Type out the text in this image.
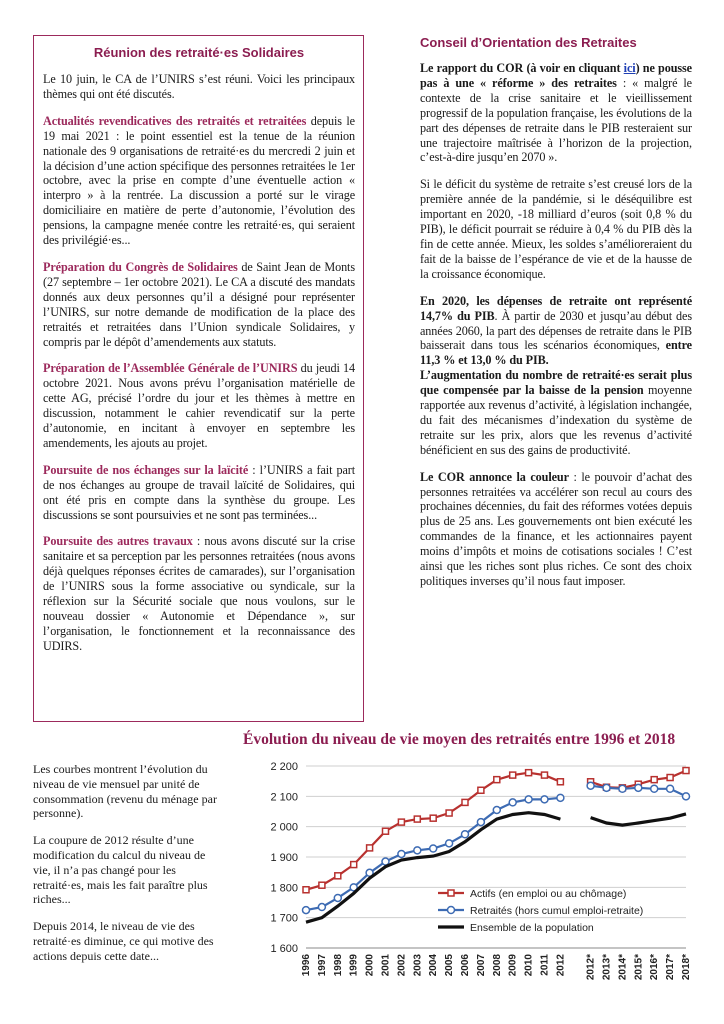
Réunion des retraité·es Solidaires

Le 10 juin, le CA de l’UNIRS s’est réuni. Voici les principaux thèmes qui ont été discutés.

Actualités revendicatives des retraités et retraitées depuis le 19 mai 2021 : le point essentiel est la tenue de la réunion nationale des 9 organisations de retraité·es du mercredi 2 juin et la décision d’une action spécifique des personnes retraitées le 1er octobre, avec la prise en compte d’une éventuelle action « interpro » à la rentrée. La discussion a porté sur le virage domiciliaire en matière de perte d’autonomie, l’évolution des pensions, la campagne menée contre les retraité·es, qui seraient des privilégié·es...

Préparation du Congrès de Solidaires de Saint Jean de Monts (27 septembre – 1er octobre 2021). Le CA a discuté des mandats donnés aux deux personnes qu’il a désigné pour représenter l’UNIRS, sur notre demande de modification de la place des retraités et retraitées dans l’Union syndicale Solidaires, y compris par le dépôt d’amendements aux statuts.

Préparation de l’Assemblée Générale de l’UNIRS du jeudi 14 octobre 2021. Nous avons prévu l’organisation matérielle de cette AG, précisé l’ordre du jour et les thèmes à mettre en discussion, notamment le cahier revendicatif sur la perte d’autonomie, en incitant à envoyer en septembre les amendements, les ajouts au projet.

Poursuite de nos échanges sur la laïcité : l’UNIRS a fait part de nos échanges au groupe de travail laïcité de Solidaires, qui ont été pris en compte dans la synthèse du groupe. Les discussions se sont poursuivies et ne sont pas terminées...

Poursuite des autres travaux : nous avons discuté sur la crise sanitaire et sa perception par les personnes retraitées (nous avons déjà quelques réponses écrites de camarades), sur l’organisation de l’UNIRS sous la forme associative ou syndicale, sur la réflexion sur la Sécurité sociale que nous voulons, sur le nouveau dossier « Autonomie et Dépendance », sur l’organisation, le fonctionnement et la reconnaissance des UDIRS.

Conseil d’Orientation des Retraites

Le rapport du COR (à voir en cliquant ici) ne pousse pas à une « réforme » des retraites : « malgré le contexte de la crise sanitaire et le vieillissement progressif de la population française, les évolutions de la part des dépenses de retraite dans le PIB resteraient sur une trajectoire maîtrisée à l’horizon de la projection, c’est-à-dire jusqu’en 2070 ».

Si le déficit du système de retraite s’est creusé lors de la première année de la pandémie, si le déséquilibre est important en 2020, -18 milliard d’euros (soit 0,8 % du PIB), le déficit pourrait se réduire à 0,4 % du PIB dès la fin de cette année. Mieux, les soldes s’amélioreraient du fait de la baisse de l’espérance de vie et de la hausse de la croissance économique.

En 2020, les dépenses de retraite ont représenté 14,7% du PIB. À partir de 2030 et jusqu’au début des années 2060, la part des dépenses de retraite dans le PIB baisserait dans tous les scénarios économiques, entre 11,3 % et 13,0 % du PIB.
L’augmentation du nombre de retraité·es serait plus que compensée par la baisse de la pension moyenne rapportée aux revenus d’activité, à législation inchangée, du fait des mécanismes d’indexation du système de retraite sur les prix, alors que les revenus d’activité bénéficient en sus des gains de productivité.

Le COR annonce la couleur : le pouvoir d’achat des personnes retraitées va accélérer son recul au cours des prochaines décennies, du fait des réformes votées depuis plus de 25 ans. Les gouvernements ont bien exécuté les commandes de la finance, et les actionnaires payent moins d’impôts et moins de cotisations sociales ! C’est ainsi que les riches sont plus riches. Ce sont des choix politiques inverses qu’il nous faut imposer.

Évolution du niveau de vie moyen des retraités entre 1996 et 2018

Les courbes montrent l’évolution du niveau de vie mensuel par unité de consommation (revenu du ménage par personne).

La coupure de 2012 résulte d’une modification du calcul du niveau de vie, il n’a pas changé pour les retraité·es, mais les fait paraître plus riches...

Depuis 2014, le niveau de vie des retraité·es diminue, ce qui motive des actions depuis cette date...	1 600
1 700
1 800
1 900
2 000
2 100
2 200
1996 1997 1998 1999 2000 2001 2002 2003 2004 2005 2006 2007 2008 2009 2010 2011 2012 2012* 2013* 2014* 2015* 2016* 2017* 2018*
Actifs (en emploi ou au chômage)
Retraités (hors cumul emploi-retraite)
Ensemble de la population
